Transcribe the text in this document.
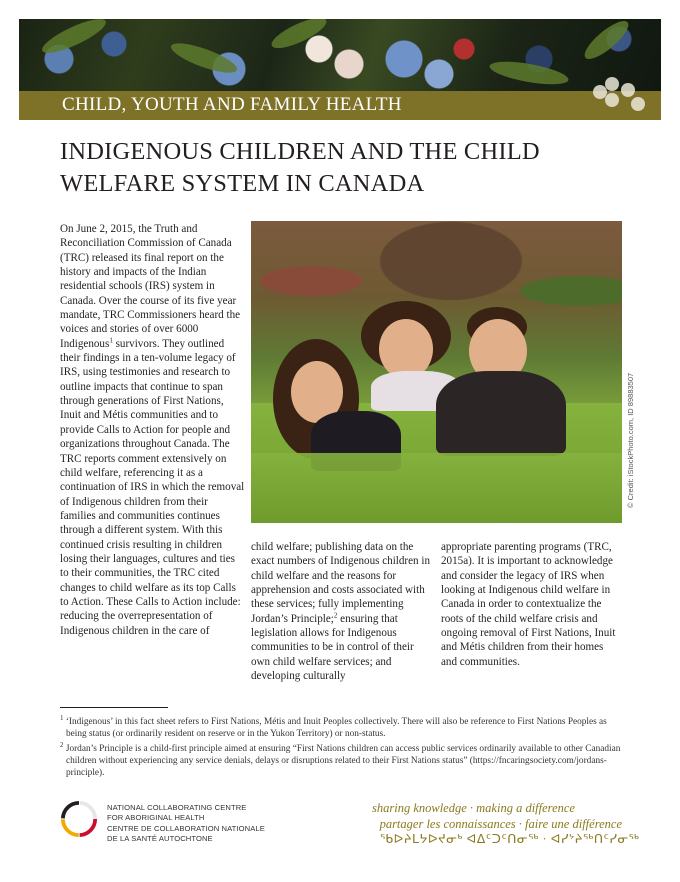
CHILD, YOUTH AND FAMILY HEALTH
INDIGENOUS CHILDREN AND THE CHILD WELFARE SYSTEM IN CANADA

On June 2, 2015, the Truth and Reconciliation Commission of Canada (TRC) released its final report on the history and impacts of the Indian residential schools (IRS) system in Canada. Over the course of its five year mandate, TRC Commissioners heard the voices and stories of over 6000 Indigenous$^1$ survivors. They outlined their findings in a ten-volume legacy of IRS, using testimonies and research to outline impacts that continue to span through generations of First Nations, Inuit and Métis communities and to provide Calls to Action for people and organizations throughout Canada. The TRC reports comment extensively on child welfare, referencing it as a continuation of IRS in which the removal of Indigenous children from their families and communities continues through a different system. With this continued crisis resulting in children losing their languages, cultures and ties to their communities, the TRC cited changes to child welfare as its top Calls to Action. These Calls to Action include: reducing the overrepresentation of Indigenous children in the care of

© Credit: iStockPhoto.com, ID 89883507

child welfare; publishing data on the exact numbers of Indigenous children in child welfare and the reasons for apprehension and costs associated with these services; fully implementing Jordan’s Principle;$^2$ ensuring that legislation allows for Indigenous communities to be in control of their own child welfare services; and developing culturally

appropriate parenting programs (TRC, 2015a). It is important to acknowledge and consider the legacy of IRS when looking at Indigenous child welfare in Canada in order to contextualize the roots of the child welfare crisis and ongoing removal of First Nations, Inuit and Métis children from their homes and communities.

$^1$ ‘Indigenous’ in this fact sheet refers to First Nations, Métis and Inuit Peoples collectively. There will also be reference to First Nations Peoples as being status (or ordinarily resident on reserve or in the Yukon Territory) or non-status.

$^2$ Jordan’s Principle is a child-first principle aimed at ensuring “First Nations children can access public services ordinarily available to other Canadian children without experiencing any service denials, delays or disruptions related to their First Nations status” (https://fncaringsociety.com/jordans-principle).

NATIONAL COLLABORATING CENTRE
FOR ABORIGINAL HEALTH
CENTRE DE COLLABORATION NATIONALE
DE LA SANTÉ AUTOCHTONE
sharing knowledge · making a difference
partager les connaissances · faire une différence
ᖃᐅᔨᒪᔭᐅᔪᓂᒃ ᐊᐃᑦᑐᑦᑎᓂᖅ · ᐊᓯᔾᔨᖅᑎᑦᓯᓂᖅ
